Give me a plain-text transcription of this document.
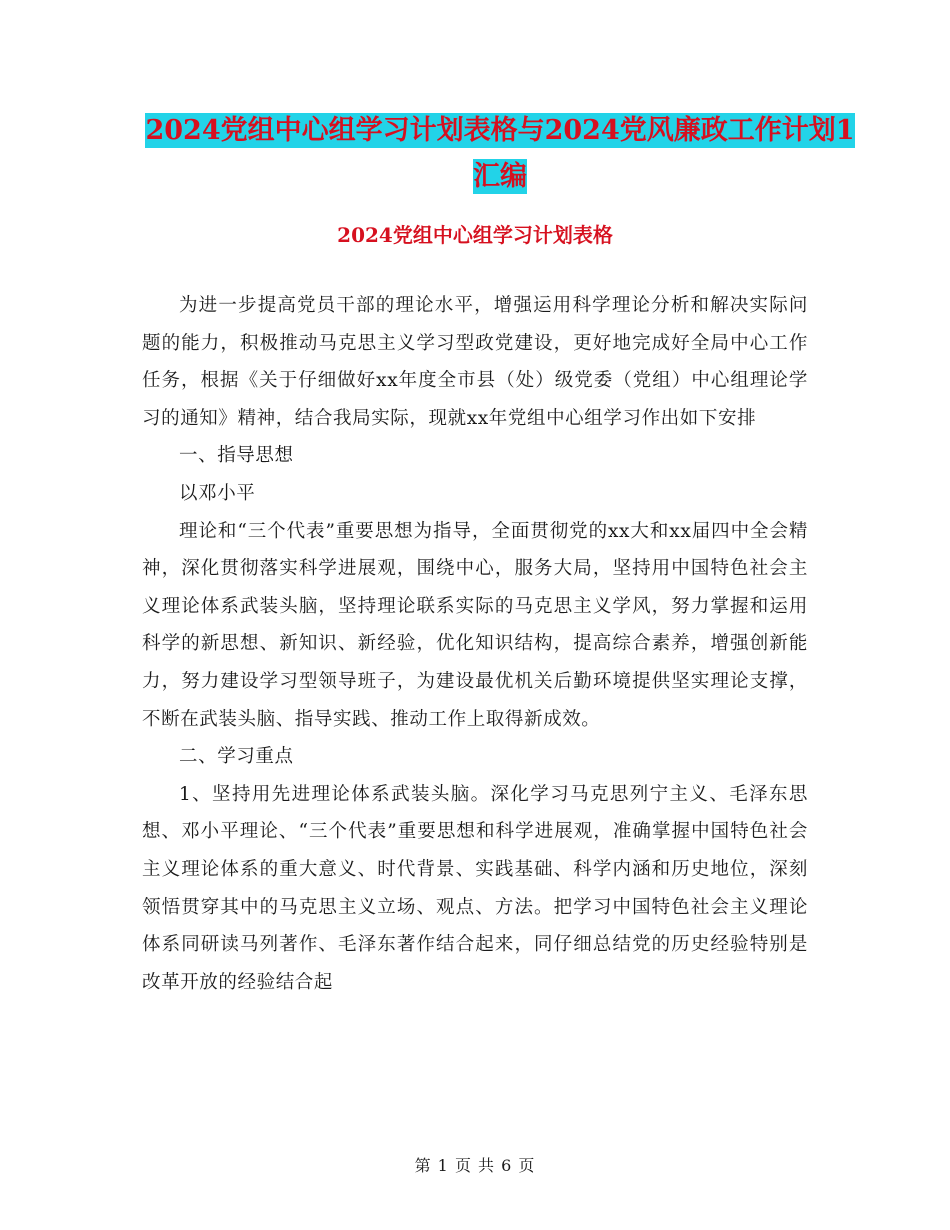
2024党组中心组学习计划表格与2024党风廉政工作计划1汇编
2024党组中心组学习计划表格

为进一步提高党员干部的理论水平，增强运用科学理论分析和解决实际问题的能力，积极推动马克思主义学习型政党建设，更好地完成好全局中心工作任务，根据《关于仔细做好xx年度全市县（处）级党委（党组）中心组理论学习的通知》精神，结合我局实际，现就xx年党组中心组学习作出如下安排

一、指导思想

以邓小平

理论和“三个代表”重要思想为指导，全面贯彻党的xx大和xx届四中全会精神，深化贯彻落实科学进展观，围绕中心，服务大局，坚持用中国特色社会主义理论体系武装头脑，坚持理论联系实际的马克思主义学风，努力掌握和运用科学的新思想、新知识、新经验，优化知识结构，提高综合素养，增强创新能力，努力建设学习型领导班子，为建设最优机关后勤环境提供坚实理论支撑，不断在武装头脑、指导实践、推动工作上取得新成效。

二、学习重点

1、坚持用先进理论体系武装头脑。深化学习马克思列宁主义、毛泽东思想、邓小平理论、“三个代表”重要思想和科学进展观，准确掌握中国特色社会主义理论体系的重大意义、时代背景、实践基础、科学内涵和历史地位，深刻领悟贯穿其中的马克思主义立场、观点、方法。把学习中国特色社会主义理论体系同研读马列著作、毛泽东著作结合起来，同仔细总结党的历史经验特别是改革开放的经验结合起

第 1 页 共 6 页
